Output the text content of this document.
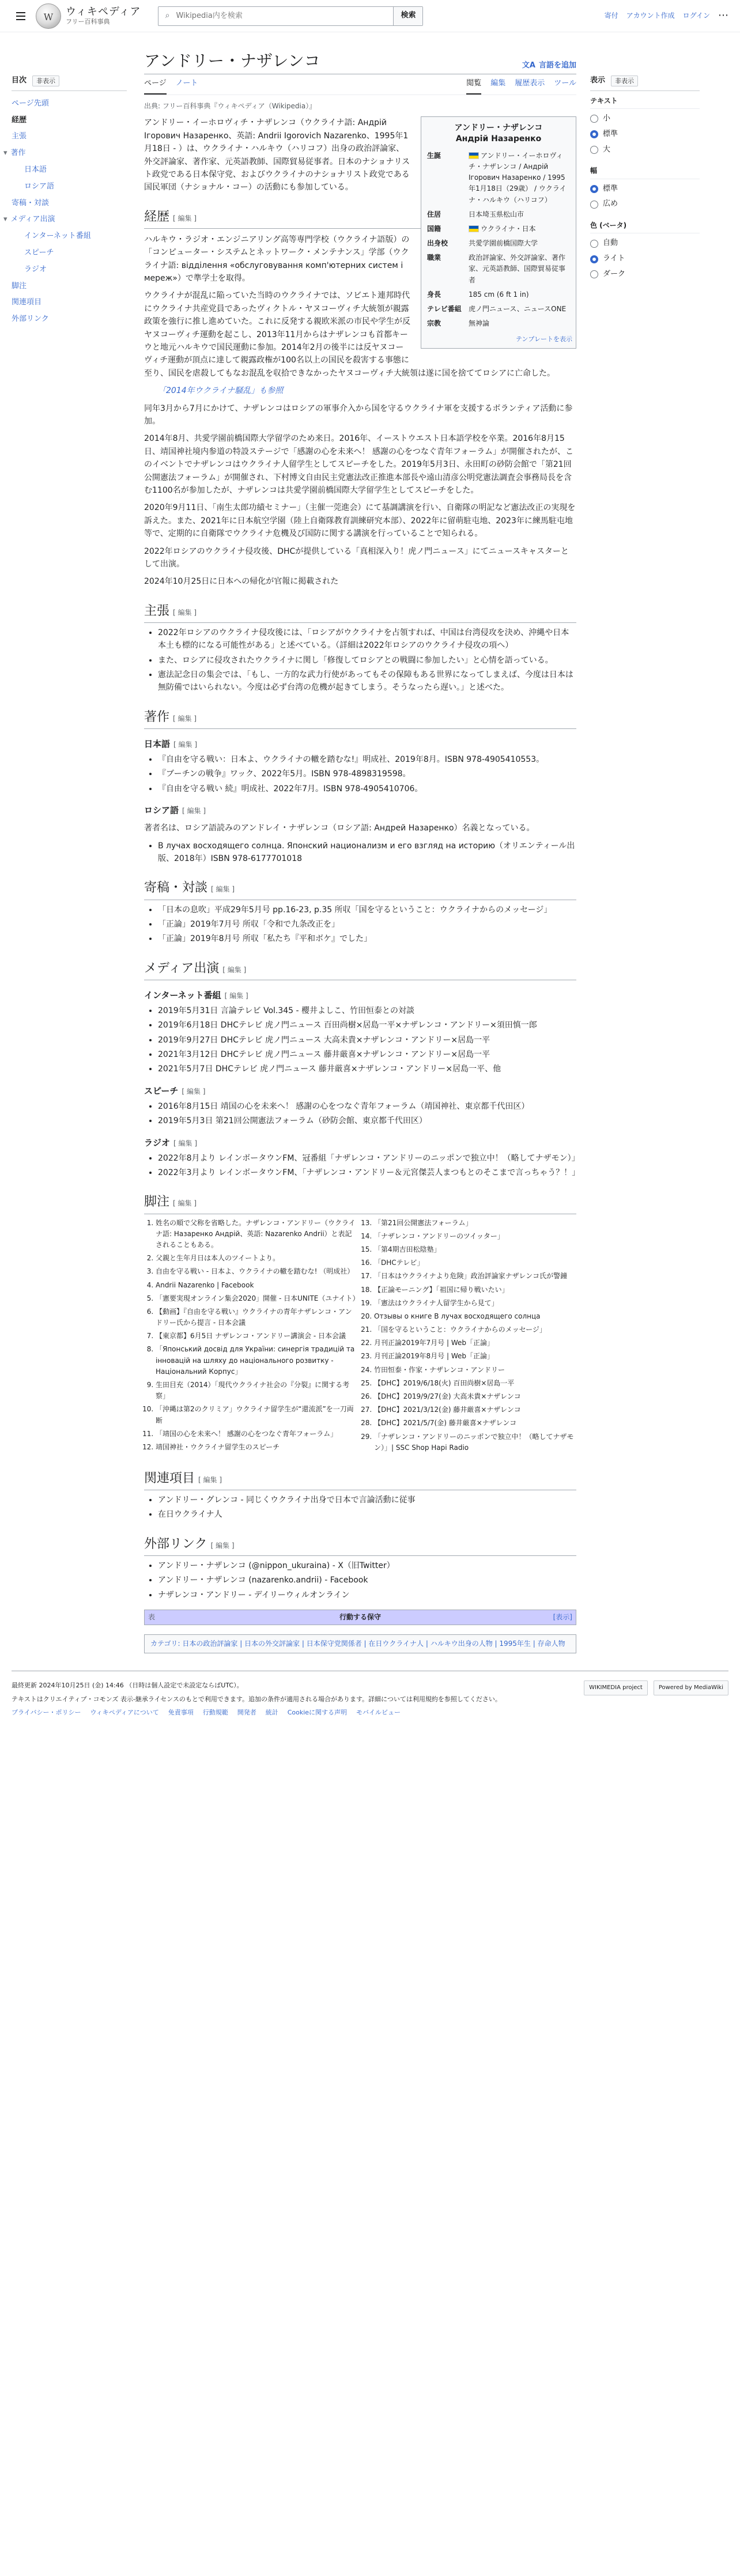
W
ウィキペディア
フリー百科事典
⌕
Wikipedia内を検索	検索	寄付 アカウント作成 ログイン ⋯
目次	非表示
ページ先頭
経歴
主張
▾ 著作
日本語
ロシア語
寄稿・対談
▾ メディア出演
インターネット番組
スピーチ
ラジオ
脚注
関連項目
外部リンク
アンドリー・ナザレンコ	文A 言語を追加
ページ ノート	閲覧 編集 履歴表示 ツール
出典: フリー百科事典『ウィキペディア（Wikipedia）』
アンドリー・ナザレンコ
Андрій Назаренко
生誕	アンドリー・イーホロヴィチ・ナザレンコ / Андрій Ігорович Назаренко / 1995年1月18日（29歳） / ウクライナ・ハルキウ（ハリコフ）
住居	日本埼玉県松山市
国籍	ウクライナ・日本
出身校	共愛学園前橋国際大学
職業	政治評論家、外交評論家、著作家、元英語教師、国際貿易従事者
身長	185 cm (6 ft 1 in)
テレビ番組	虎ノ門ニュース、ニュースONE
宗教	無神論
テンプレートを表示

アンドリー・イーホロヴィチ・ナザレンコ（ウクライナ語: Андрій Ігорович Назаренко、英語: Andrii Igorovich Nazarenko、1995年1月18日 - ）は、ウクライナ・ハルキウ（ハリコフ）出身の政治評論家、外交評論家、著作家、元英語教師、国際貿易従事者。日本のナショナリスト政党である日本保守党、およびウクライナのナショナリスト政党である国民軍団（ナショナル・コー）の活動にも参加している。

経歴 [ 編集 ]

ハルキウ・ラジオ・エンジニアリング高等専門学校（ウクライナ語版）の「コンピューター・システムとネットワーク・メンテナンス」学部（ウクライナ語: відділення «обслуговування комп'ютерних систем і мереж»）で準学士を取得。

ウクライナが混乱に陥っていた当時のウクライナでは、ソビエト連邦時代にウクライナ共産党員であったヴィクトル・ヤヌコーヴィチ大統領が親露政策を強行に推し進めていた。これに反発する親欧米派の市民や学生が反ヤヌコーヴィチ運動を起こし、2013年11月からはナザレンコも首都キーウと地元ハルキウで国民運動に参加。2014年2月の後半には反ヤヌコーヴィチ運動が頂点に達して親露政権が100名以上の国民を殺害する事態に至り、国民を虐殺してもなお混乱を収拾できなかったヤヌコーヴィチ大統領は遂に国を捨ててロシアに亡命した。

「2014年ウクライナ騒乱」も参照

同年3月から7月にかけて、ナザレンコはロシアの軍事介入から国を守るウクライナ軍を支援するボランティア活動に参加。

2014年8月、共愛学園前橋国際大学留学のため来日。2016年、イーストウエスト日本語学校を卒業。2016年8月15日、靖国神社境内参道の特設ステージで「感謝の心を未来へ！ 感謝の心をつなぐ青年フォーラム」が開催されたが、このイベントでナザレンコはウクライナ人留学生としてスピーチをした。2019年5月3日、永田町の砂防会館で「第21回公開憲法フォーラム」が開催され、下村博文自由民主党憲法改正推進本部長や遠山清彦公明党憲法調査会事務局長を含む1100名が参加したが、ナザレンコは共愛学園前橋国際大学留学生としてスピーチをした。

2020年9月11日、「南生太郎功績セミナー」（主催一莞進会）にて基調講演を行い、自衛隊の明記など憲法改正の実現を訴えた。また、2021年に日本航空学園（陸上自衛隊教育訓練研究本部）、2022年に留萌駐屯地、2023年に練馬駐屯地等で、定期的に自衛隊でウクライナ危機及び国防に関する講演を行っていることで知られる。

2022年ロシアのウクライナ侵攻後、DHCが提供している「真相深入り！虎ノ門ニュース」にてニュースキャスターとして出演。

2024年10月25日に日本への帰化が官報に掲載された

主張 [ 編集 ]
• 2022年ロシアのウクライナ侵攻後には、「ロシアがウクライナを占領すれば、中国は台湾侵攻を決め、沖縄や日本本土も標的になる可能性がある」と述べている。（詳細は2022年ロシアのウクライナ侵攻の項へ）
• また、ロシアに侵攻されたウクライナに関し「修復してロシアとの戦闘に参加したい」と心情を語っている。
• 憲法記念日の集会では、「もし、一方的な武力行使があってもその保障もある世界になってしまえば、今度は日本は無防備ではいられない。今度は必ず台湾の危機が起きてしまう。そうなったら遅い。」と述べた。
著作 [ 編集 ]
日本語 [ 編集 ]
• 『自由を守る戦い：日本よ、ウクライナの轍を踏むな!』明成社、2019年8月。ISBN 978-4905410553。
• 『ブーチンの戦争』ワック、2022年5月。ISBN 978-4898319598。
• 『自由を守る戦い 続』明成社、2022年7月。ISBN 978-4905410706。
ロシア語 [ 編集 ]

著者名は、ロシア語読みのアンドレイ・ナザレンコ（ロシア語: Андрей Назаренко）名義となっている。

• В лучах восходящего солнца. Японский национализм и его взгляд на историю（オリエンティール出版、2018年）ISBN 978-6177701018
寄稿・対談 [ 編集 ]
• 「日本の息吹」平成29年5月号 pp.16-23, p.35 所収「国を守るということ：ウクライナからのメッセージ」
• 「正論」2019年7月号 所収「令和で九条改正を」
• 「正論」2019年8月号 所収「私たち『平和ボケ』でした」
メディア出演 [ 編集 ]
インターネット番組 [ 編集 ]
• 2019年5月31日 言論テレビ Vol.345 - 櫻井よしこ、竹田恒泰との対談
• 2019年6月18日 DHCテレビ 虎ノ門ニュース 百田尚樹×居島一平×ナザレンコ・アンドリー×須田慎一郎
• 2019年9月27日 DHCテレビ 虎ノ門ニュース 大高未貴×ナザレンコ・アンドリー×居島一平
• 2021年3月12日 DHCテレビ 虎ノ門ニュース 藤井厳喜×ナザレンコ・アンドリー×居島一平
• 2021年5月7日 DHCテレビ 虎ノ門ニュース 藤井厳喜×ナザレンコ・アンドリー×居島一平、他
スピーチ [ 編集 ]
• 2016年8月15日 靖国の心を未来へ！ 感謝の心をつなぐ青年フォーラム（靖国神社、東京都千代田区）
• 2019年5月3日 第21回公開憲法フォーラム（砂防会館、東京都千代田区）
ラジオ [ 編集 ]
• 2022年8月より レインボータウンFM、冠番組「ナザレンコ・アンドリーのニッポンで独立中！（略してナザモン）」
• 2022年3月より レインボータウンFM、「ナザレンコ・アンドリー＆元宮傑芸人まつもとのそこまで言っちゃう？！」
脚注 [ 編集 ]
1. 姓名の順で父称を省略した。ナザレンコ・アンドリー（ウクライナ語: Назаренко Андрій、英語: Nazarenko Andrii）と表記されることもある。
2. 父親と生年月日は本人のツイートより。
3. 自由を守る戦い - 日本よ、ウクライナの轍を踏むな! （明成社）
4. Andrii Nazarenko | Facebook
5. 「憲要実現オンライン集会2020」開催 - 日本UNITE（ユナイト）
6. 【動画】『自由を守る戦い』ウクライナの青年ナザレンコ・アンドリー氏から提言 - 日本会議
7. 【東京都】6月5日 ナザレンコ・アンドリー講演会 - 日本会議
8. 「Японський досвід для України: синергія традицій та інновацій на шляху до національного розвитку - Національний Корпус」
9. 生田目充（2014）「現代ウクライナ社会の『分裂』に関する考察」
10. 「沖縄は第2のクリミア」ウクライナ留学生が“還流派”を一刀両断
11. 「靖国の心を未来へ！ 感謝の心をつなぐ青年フォーラム」
12. 靖国神社・ウクライナ留学生のスピーチ
13. 「第21回公開憲法フォーラム」
14. 「ナザレンコ・アンドリーのツイッター」
15. 「第4期吉田松陰塾」
16. 「DHCテレビ」
17. 「日本はウクライナより危険」政治評論家ナザレンコ氏が警鐘
18. 【正論モーニング】「祖国に帰り戦いたい」
19. 「憲法はウクライナ人留学生から見て」
20. Отзывы о книге В лучах восходящего солнца
21. 「国を守るということ：ウクライナからのメッセージ」
22. 月刊正論2019年7月号 | Web「正論」
23. 月刊正論2019年8月号 | Web「正論」
24. 竹田恒泰・作家・ナザレンコ・アンドリー
25. 【DHC】2019/6/18(火) 百田尚樹×居島一平
26. 【DHC】2019/9/27(金) 大高未貴×ナザレンコ
27. 【DHC】2021/3/12(金) 藤井厳喜×ナザレンコ
28. 【DHC】2021/5/7(金) 藤井厳喜×ナザレンコ
29. 「ナザレンコ・アンドリーのニッポンで独立中！（略してナザモン）」| SSC Shop Hapi Radio
関連項目 [ 編集 ]
• アンドリー・グレンコ - 同じくウクライナ出身で日本で言論活動に従事
• 在日ウクライナ人
外部リンク [ 編集 ]
• アンドリー・ナザレンコ (@nippon_ukuraina) - X（旧Twitter）
• アンドリー・ナザレンコ (nazarenko.andrii) - Facebook
• ナザレンコ・アンドリー - デイリーウィルオンライン
表	行動する保守	[表示]
カテゴリ: 日本の政治評論家 | 日本の外交評論家 | 日本保守党関係者 | 在日ウクライナ人 | ハルキウ出身の人物 | 1995年生 | 存命人物
表示	非表示
テキスト
小
標準
大
幅
標準
広め
色 (ベータ)
自動
ライト
ダーク
WIKIMEDIA project	Powered by MediaWiki

最終更新 2024年10月25日 (金) 14:46 （日時は個人設定で未設定ならばUTC）。

テキストはクリエイティブ・コモンズ 表示-継承ライセンスのもとで利用できます。追加の条件が適用される場合があります。詳細については利用規約を参照してください。

プライバシー・ポリシー ウィキペディアについて 免責事項 行動規範 開発者 統計 Cookieに関する声明 モバイルビュー
